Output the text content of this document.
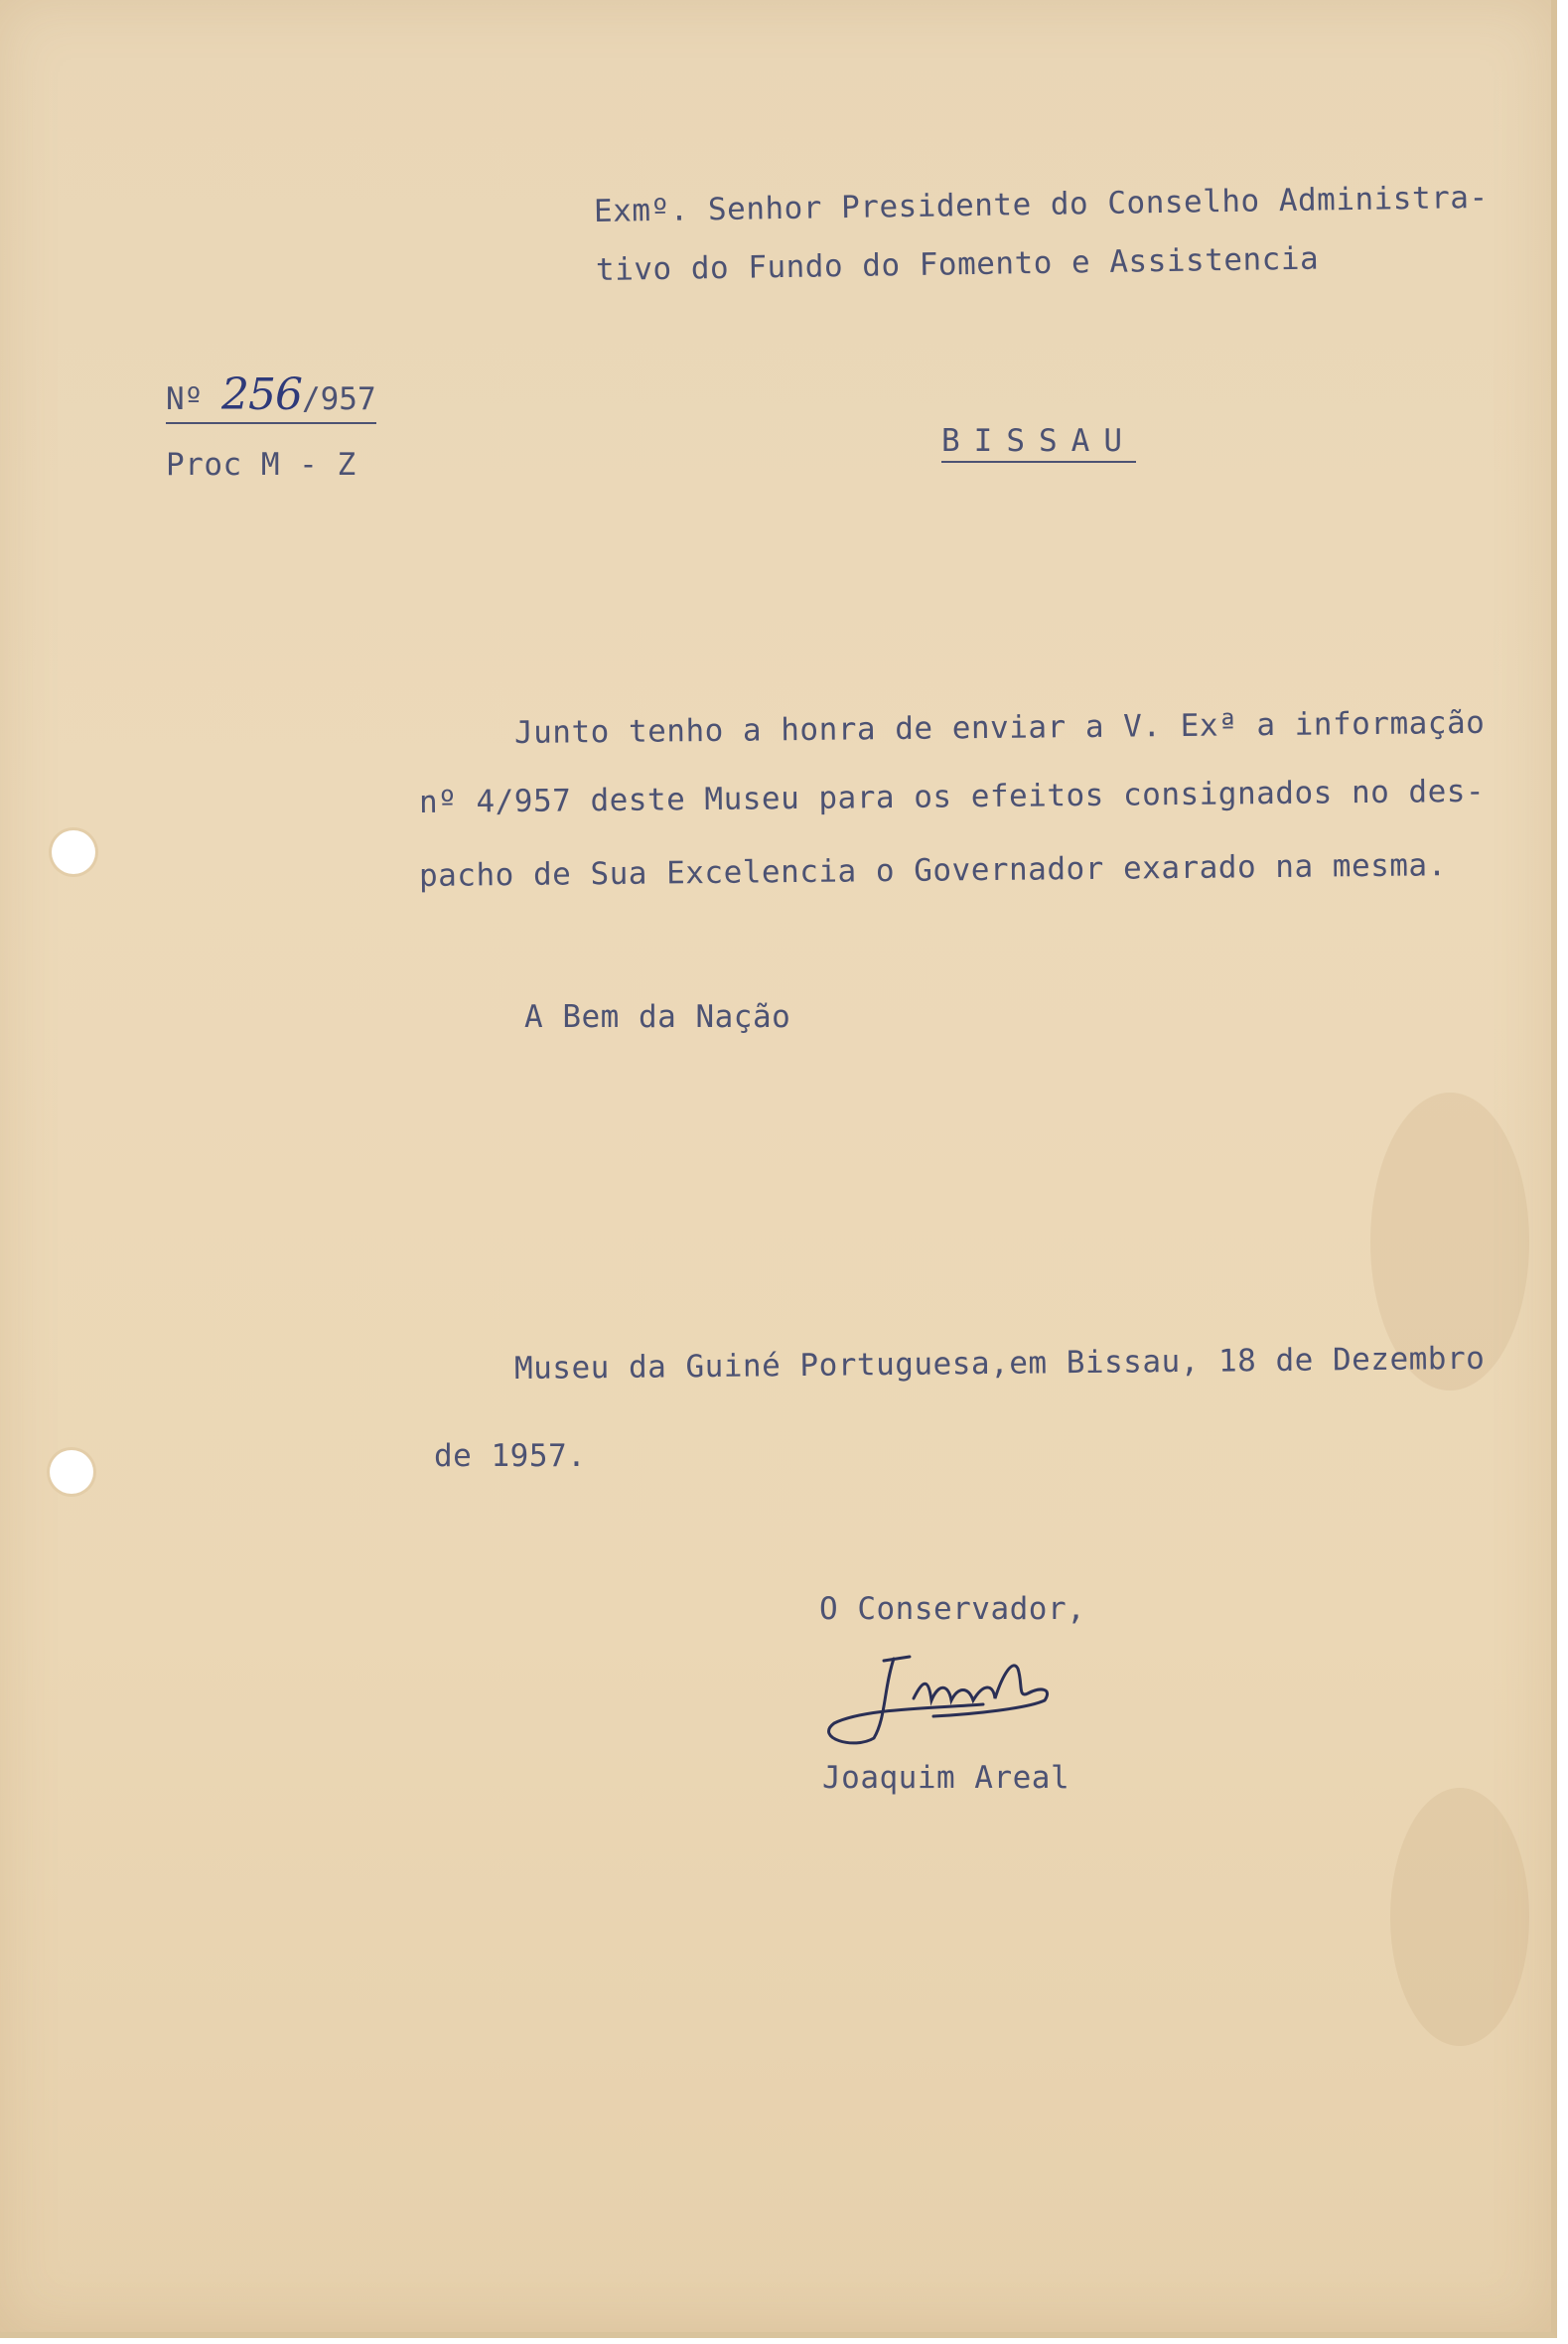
Exmº. Senhor Presidente do Conselho Administra-

tivo do Fundo do Fomento e Assistencia

Nº 256/957

Proc M - Z

BISSAU

Junto tenho a honra de enviar a V. Exª a informação

nº 4/957 deste Museu para os efeitos consignados no des-

pacho de Sua Excelencia o Governador exarado na mesma.

A Bem da Nação

Museu da Guiné Portuguesa,em Bissau, 18 de Dezembro

de 1957.

O Conservador,

Joaquim Areal
